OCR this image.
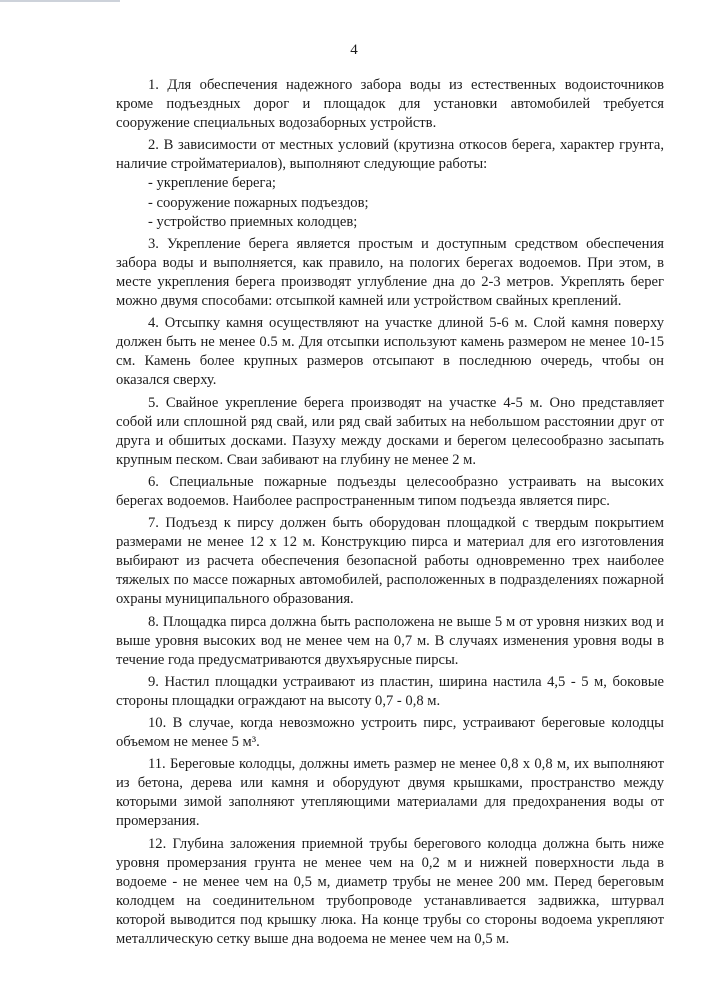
4

1. Для обеспечения надежного забора воды из естественных водоисточников кроме подъездных дорог и площадок для установки автомобилей требуется сооружение специальных водозаборных устройств.

2. В зависимости от местных условий (крутизна откосов берега, характер грунта, наличие стройматериалов), выполняют следующие работы:

- укрепление берега;
- сооружение пожарных подъездов;
- устройство приемных колодцев;

3. Укрепление берега является простым и доступным средством обеспечения забора воды и выполняется, как правило, на пологих берегах водоемов. При этом, в месте укрепления берега производят углубление дна до 2-3 метров. Укреплять берег можно двумя способами: отсыпкой камней или устройством свайных креплений.

4. Отсыпку камня осуществляют на участке длиной 5-6 м. Слой камня поверху должен быть не менее 0.5 м. Для отсыпки используют камень размером не менее 10-15 см. Камень более крупных размеров отсыпают в последнюю очередь, чтобы он оказался сверху.

5. Свайное укрепление берега производят на участке 4-5 м. Оно представляет собой или сплошной ряд свай, или ряд свай забитых на небольшом расстоянии друг от друга и обшитых досками. Пазуху между досками и берегом целесообразно засыпать крупным песком. Сваи забивают на глубину не менее 2 м.

6. Специальные пожарные подъезды целесообразно устраивать на высоких берегах водоемов. Наиболее распространенным типом подъезда является пирс.

7. Подъезд к пирсу должен быть оборудован площадкой с твердым покрытием размерами не менее 12 х 12 м. Конструкцию пирса и материал для его изготовления выбирают из расчета обеспечения безопасной работы одновременно трех наиболее тяжелых по массе пожарных автомобилей, расположенных в подразделениях пожарной охраны муниципального образования.

8. Площадка пирса должна быть расположена не выше 5 м от уровня низких вод и выше уровня высоких вод не менее чем на 0,7 м. В случаях изменения уровня воды в течение года предусматриваются двухъярусные пирсы.

9. Настил площадки устраивают из пластин, ширина настила 4,5 - 5 м, боковые стороны площадки ограждают на высоту 0,7 - 0,8 м.

10. В случае, когда невозможно устроить пирс, устраивают береговые колодцы объемом не менее 5 м³.

11. Береговые колодцы, должны иметь размер не менее 0,8 х 0,8 м, их выполняют из бетона, дерева или камня и оборудуют двумя крышками, пространство между которыми зимой заполняют утепляющими материалами для предохранения воды от промерзания.

12. Глубина заложения приемной трубы берегового колодца должна быть ниже уровня промерзания грунта не менее чем на 0,2 м и нижней поверхности льда в водоеме - не менее чем на 0,5 м, диаметр трубы не менее 200 мм. Перед береговым колодцем на соединительном трубопроводе устанавливается задвижка, штурвал которой выводится под крышку люка. На конце трубы со стороны водоема укрепляют металлическую сетку выше дна водоема не менее чем на 0,5 м.
